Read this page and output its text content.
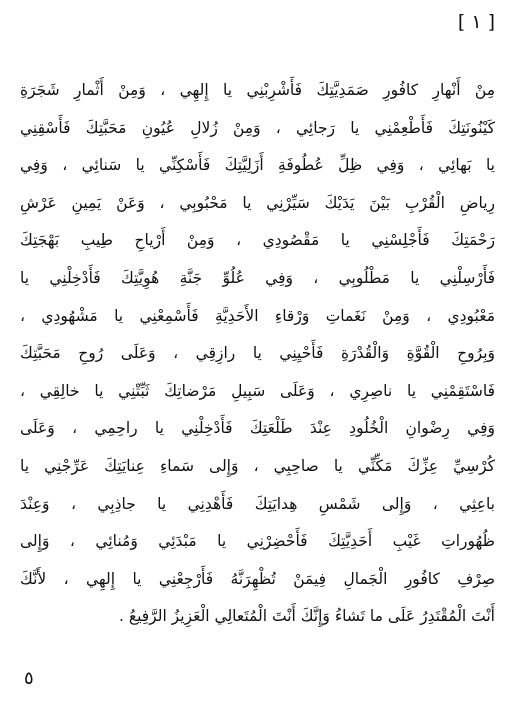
[ ١ ]
مِنْ أَنْهارِ كافُورِ صَمَدِيَّتِكَ فَأَشْرِبْنِي يا إِلهِي ، وَمِنْ أَثْمارِ شَجَرَةِ
كَيْنُونَتِكَ فَأَطْعِمْنِي يا رَجائِي ، وَمِنْ زُلالِ عُيُونِ مَحَبَّتِكَ فَأَسْقِنِي
يا بَهائِي ، وَفِي ظِلِّ عُطُوفَةِ أَزَلِيَّتِكَ فَأَسْكِنِّي يا سَنائِي ، وَفِي
رِياضِ الْقُرْبِ بَيْنَ يَدَيْكَ سَيِّرْنِي يا مَحْبُوبِي ، وَعَنْ يَمِينِ عَرْشِ
رَحْمَتِكَ فَأَجْلِسْنِي يا مَقْصُودِي ، وَمِنْ أَرْياحِ طِيبِ بَهْجَتِكَ
فَأَرْسِلْنِي يا مَطْلُوبِي ، وَفِي عُلُوِّ جَنَّةِ هُوِيَّتِكَ فَأَدْخِلْنِي يا
مَعْبُودِي ، وَمِنْ نَغَماتِ وَرْقاءِ الأَحَدِيَّةِ فَأَسْمِعْنِي يا مَشْهُودِي ،
وَبِرُوحِ الْقُوَّةِ وَالْقُدْرَةِ فَأَحْيِنِي يا رازِقِي ، وَعَلَى رُوحِ مَحَبَّتِكَ
فَاسْتَقِمْنِي يا ناصِرِي ، وَعَلَى سَبِيلِ مَرْضاتِكَ ثَبِّتْنِي يا خالِقِي ،
وَفِي رِضْوانِ الْخُلُودِ عِنْدَ طَلْعَتِكَ فَأَدْخِلْنِي يا راحِمِي ، وَعَلَى
كُرْسِيِّ عِزِّكَ مَكِّنِّي يا صاحِبِي ، وَإِلى سَماءِ عِنايَتِكَ عَرِّجْنِي يا
باعِثِي ، وَإِلى شَمْسِ هِدايَتِكَ فَأَهْدِنِي يا جاذِبِي ، وَعِنْدَ
ظُهُوراتِ غَيْبِ أَحَدِيَّتِكَ فَأَحْضِرْنِي يا مَبْدَئِي وَمُنائِي ، وَإِلى
صِرْفِ كافُورِ الْجَمالِ فِيمَنْ تُظْهِرَنَّهُ فَأَرْجِعْنِي يا إِلهِي ، لأَنَّكَ
أَنْتَ الْمُقْتَدِرُ عَلَى ما تَشاءُ وَإِنَّكَ أَنْتَ الْمُتَعالِي الْعَزِيزُ الرَّفِيعُ .
٥
